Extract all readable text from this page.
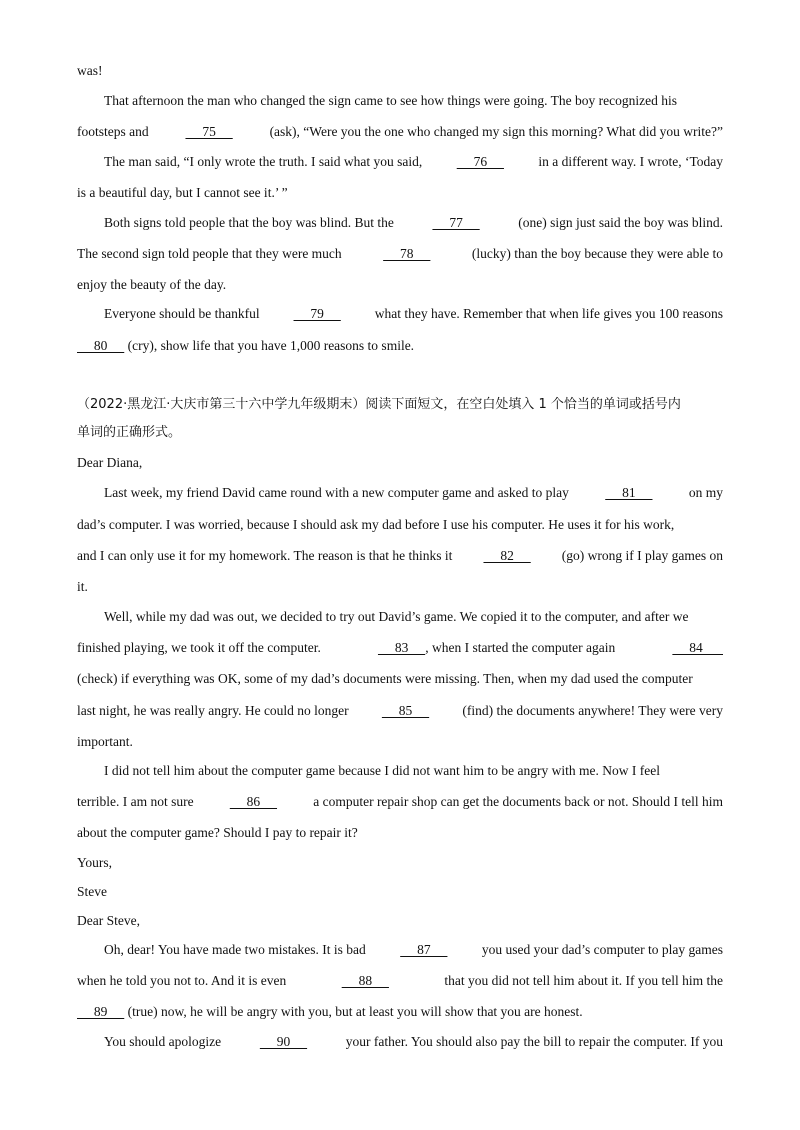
was!
That afternoon the man who changed the sign came to see how things were going. The boy recognized his
footsteps and	75	(ask), “Were you the one who changed my sign this morning? What did you write?”
The man said, “I only wrote the truth. I said what you said,	76	in a different way. I wrote, ‘Today
is a beautiful day, but I cannot see it.’ ”
Both signs told people that the boy was blind. But the	77	(one) sign just said the boy was blind.
The second sign told people that they were much	78	(lucky) than the boy because they were able to
enjoy the beauty of the day.
Everyone should be thankful	79	what they have. Remember that when life gives you 100 reasons
80      (cry), show life that you have 1,000 reasons to smile.
（2022·黑龙江·大庆市第三十六中学九年级期末）阅读下面短文，在空白处填入 1 个恰当的单词或括号内
单词的正确形式。
Dear Diana,
Last week, my friend David came round with a new computer game and asked to play	81	on my
dad’s computer. I was worried, because I should ask my dad before I use his computer. He uses it for his work,
and I can only use it for my homework. The reason is that he thinks it 82 (go) wrong if I play games on
it.
Well, while my dad was out, we decided to try out David’s game. We copied it to the computer, and after we
finished playing, we took it off the computer.	83     , when I started the computer again	84
(check) if everything was OK, some of my dad’s documents were missing. Then, when my dad used the computer
last night, he was really angry. He could no longer 85 (find) the documents anywhere! They were very
important.
I did not tell him about the computer game because I did not want him to be angry with me. Now I feel
terrible. I am not sure	86	a computer repair shop can get the documents back or not. Should I tell him
about the computer game? Should I pay to repair it?
Yours,
Steve
Dear Steve,
Oh, dear! You have made two mistakes. It is bad	87	you used your dad’s computer to play games
when he told you not to. And it is even	88	that you did not tell him about it. If you tell him the
89      (true) now, he will be angry with you, but at least you will show that you are honest.
You should apologize	90	your father. You should also pay the bill to repair the computer. If you
